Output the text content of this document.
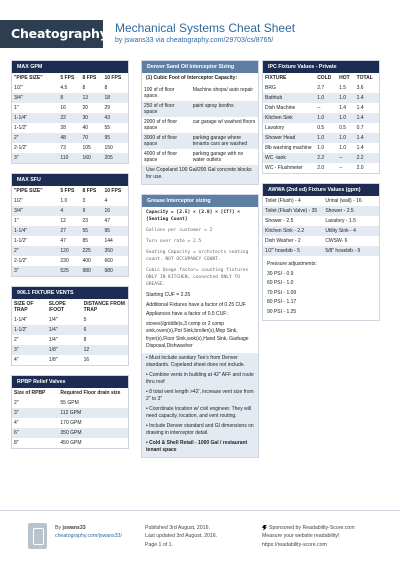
Cheatography Mechanical Systems Cheat Sheet
by jswans33 via cheatography.com/29703/cs/8765/
MAX GPM
"PIPE SIZE"	5 FPS	8 FPS	10 FPS
1/2"	4.5	8	8
3/4"	8	13	18
1"	16	20	29
1-1/4"	22	30	43
1-1/2"	28	40	55
2"	48	70	95
2-1/2"	73	105	150
3"	110	160	205
MAX SFU
"PIPE SIZE"	5 FPS	8 FPS	10 FPS
1/2"	1.0	3	4
3/4"	4	9	16
1"	12	23	47
1-1/4"	27	55	95
1-1/2"	47	85	144
2"	120	225	350
2-1/2"	230	400	660
3"	525	980	980
906.1 FIXTURE VENTS
SIZE OF TRAP	SLOPE /FOOT	DISTANCE FROM TRAP
1-1/4"	1/4"	5
1-1/2"	1/4"	6
2"	1/4"	8
3"	1/8"	12
4"	1/8"	16
RPBP Relief Valves
Size of RPBP	Required Floor drain size
2"	55 GPM
3"	112 GPM
4"	170 GPM
6"	350 GPM
8"	450 GPM
Denver Sand Oil Interceptor Sizing
(1) Cubic Foot of Interceptor Capacity:
100 sf of floor space.	Machine shops/ auto repair
250 sf of floor space	paint spray booths
2000 sf of floor space	car garage w/ washed floors
3000 sf of floor space	parking garage where tenants cars are washed
4000 sf of floor space	parking garage with no water outlets
Use Copeland 100 Gal/200 Gal concrete blocks for use.
Grease Interceptor sizing
Capacity = [2.5] × [2.0] × [CT?] × [Seating Count]
Gallons per customer = 2
Turn over rate = 2.5
Seating Capacity = architects seating count. NOT OCCUPANCY COUNT.
Cubic Usage factor= counting fixtures ONLY IN KITCHEN, connected ONLY TO GREASE.
Starting CUF = 2.25
Additional Fixtures have a factor of 0.25 CUF
Appliances have a factor of 0.5 CUF:
stoves(/griddle)s,3 comp or 2 comp sink,oven(s),Pot Sink,broiler(s),Mop Sink, fryer(s),Floor Sink,wok(s),Hand Sink, Garbage Disposal,Dishwasher
• Must include sanitary Tee's from Denver standards. Copeland sheet does not include.
• Combine vents in building at 42" AFF and route thru roof
• 8 total vent length >42', increase vent size from 2" to 3"
• Coordinate location w/ civil engineer. They will need capacity, location, and vent routing.
• Include Denver standard and GI dimensions on drawing in interceptor detail.
• Cold & Shell Retail - 1000 Gal / restaurant tenant space
IPC Fixture Values - Private
FIXTURE	COLD	HOT	TOTAL
BRG	2.7	1.5	3.6
Bathtub	1.0	1.0	1.4
Dish Machine	--	1.4	1.4
Kitchen Sink	1.0	1.0	1.4
Lavatory	0.5	0.5	0.7
Shower Head	1.0	1.0	1.4
8lb washing machine	1.0	1.0	1.4
WC -tank	2.2	--	2.2
WC - Flushmeter	2.0	--	2.0
AWWA (2nd ed) Fixture Values (gpm)
Toilet (Flush) - 4	Urinal (wall) - 16
Toilet (Flush Valve) - 35	Shower - 2.5
Shower - 2.5	Lavatory - 1.5
Kitchen Sink - 2.2	Utility Sink - 4
Dish Washer - 2	CWSW- 6
1/2" hosebib - 5	5/8" hosebib - 9
Pressure adjustments:
30 PSI - 0.9
60 PSI - 1.0
70 PSI - 1.09
80 PSI - 1.17
90 PSI - 1.25
By jswans33
cheatography.com/jswans33/
Published 3rd August, 2016.
Last updated 3rd August, 2016.
Page 1 of 1.
Sponsored by Readability-Score.com
Measure your website readability!
https://readability-score.com
